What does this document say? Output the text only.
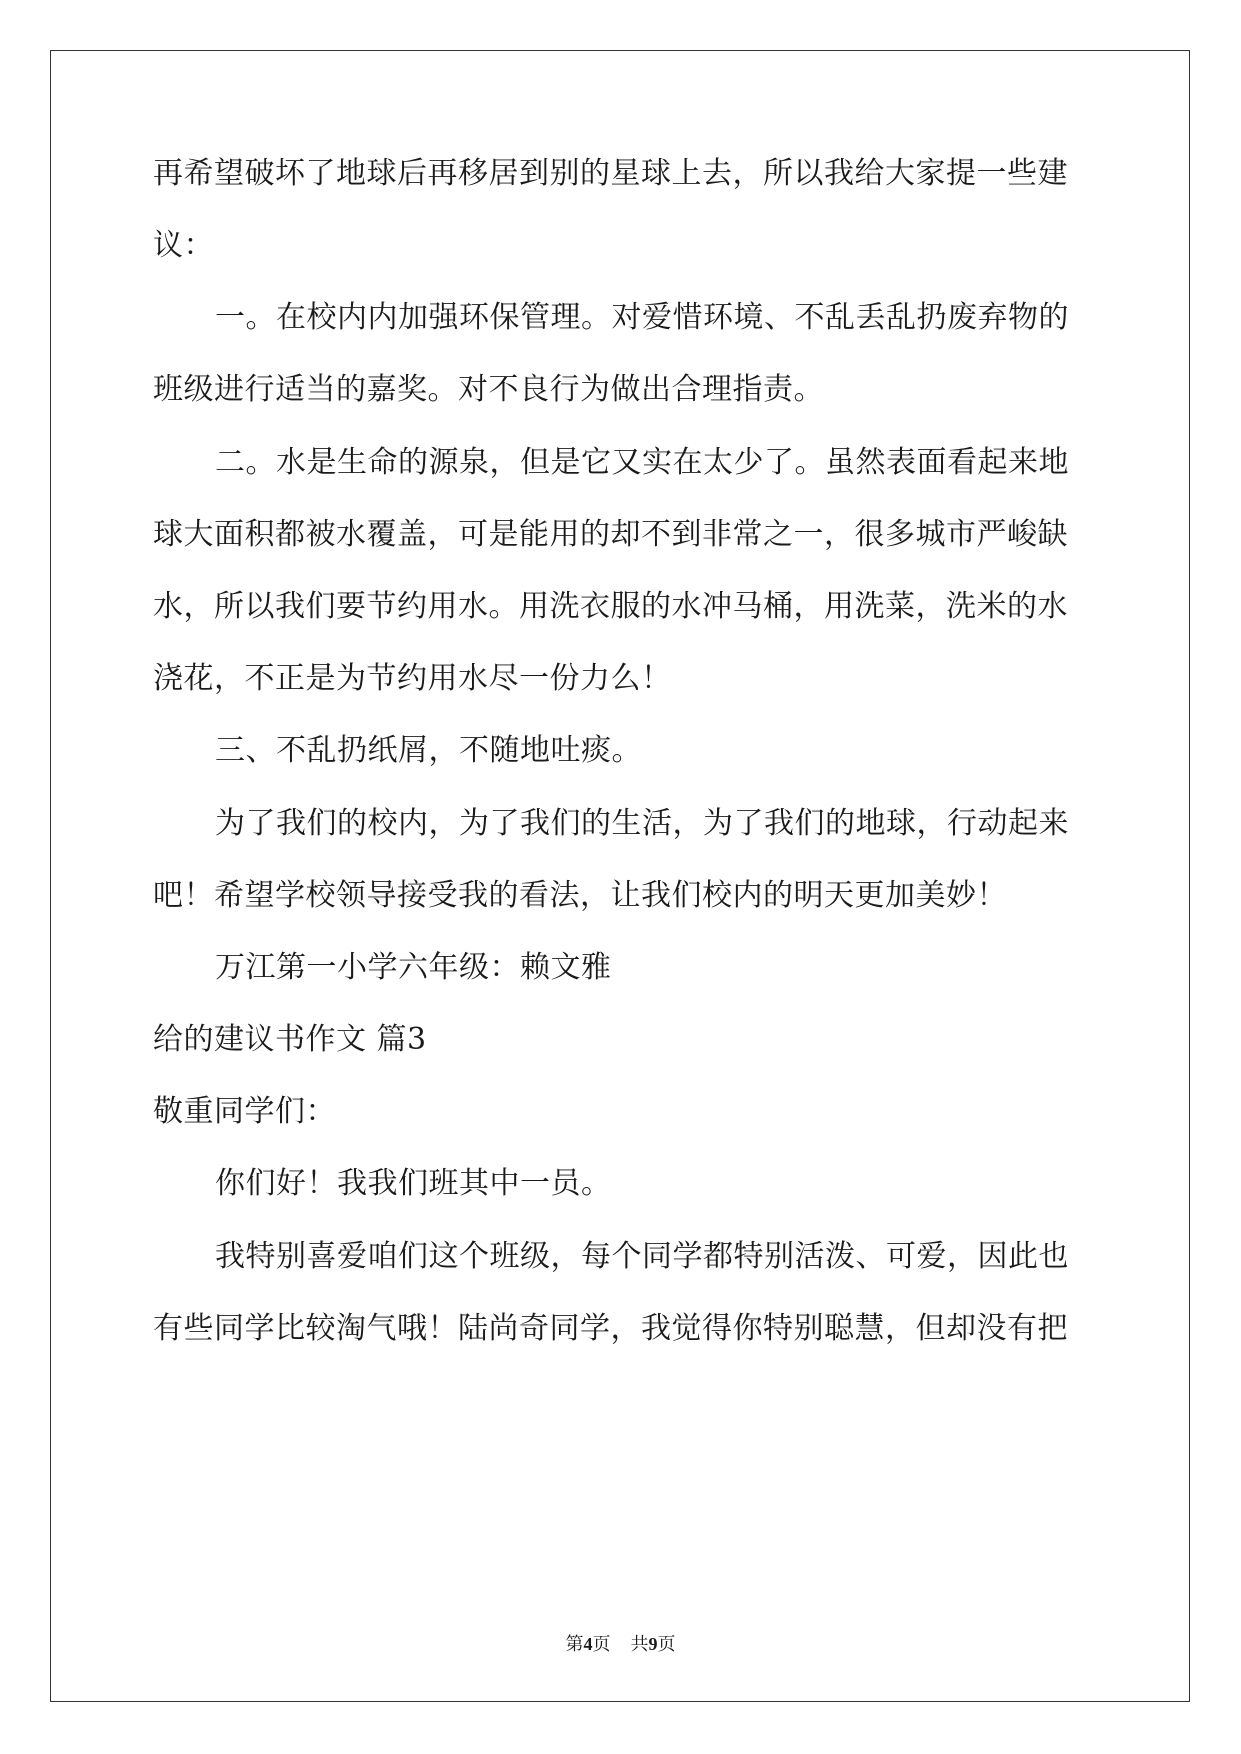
再希望破坏了地球后再移居到别的星球上去，所以我给大家提一些建
议：
一。在校内内加强环保管理。对爱惜环境、不乱丢乱扔废弃物的
班级进行适当的嘉奖。对不良行为做出合理指责。
二。水是生命的源泉，但是它又实在太少了。虽然表面看起来地
球大面积都被水覆盖，可是能用的却不到非常之一，很多城市严峻缺
水，所以我们要节约用水。用洗衣服的水冲马桶，用洗菜，洗米的水
浇花，不正是为节约用水尽一份力么！
三、不乱扔纸屑，不随地吐痰。
为了我们的校内，为了我们的生活，为了我们的地球，行动起来
吧！希望学校领导接受我的看法，让我们校内的明天更加美妙！
万江第一小学六年级：赖文雅
给的建议书作文 篇3
敬重同学们：
你们好！我我们班其中一员。
我特别喜爱咱们这个班级，每个同学都特别活泼、可爱，因此也
有些同学比较淘气哦！陆尚奇同学，我觉得你特别聪慧，但却没有把
第4页 共9页
